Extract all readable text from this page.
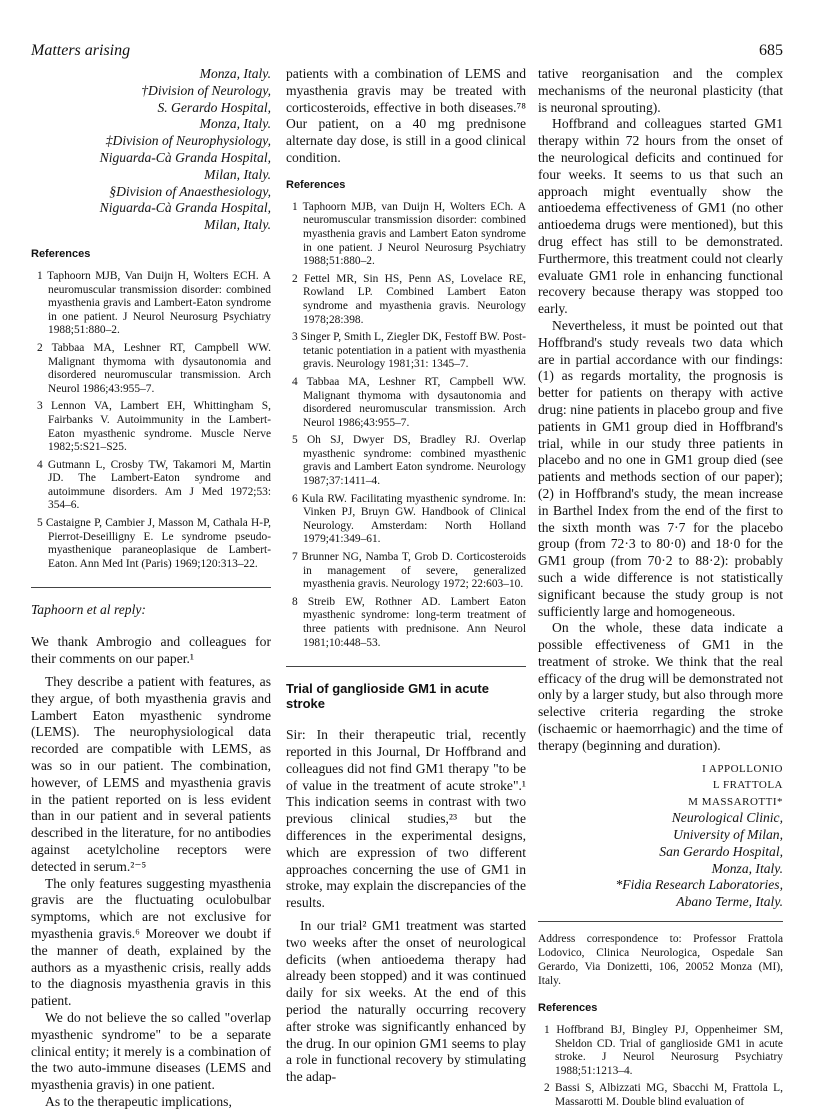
Matters arising	685
Monza, Italy.
†Division of Neurology,
S. Gerardo Hospital,
Monza, Italy.
‡Division of Neurophysiology,
Niguarda-Cà Granda Hospital,
Milan, Italy.
§Division of Anaesthesiology,
Niguarda-Cà Granda Hospital,
Milan, Italy.
References
1 Taphoorn MJB, Van Duijn H, Wolters ECH. A neuromuscular transmission disorder: combined myasthenia gravis and Lambert-Eaton syndrome in one patient. J Neurol Neurosurg Psychiatry 1988;51:880–2.
2 Tabbaa MA, Leshner RT, Campbell WW. Malignant thymoma with dysautonomia and disordered neuromuscular transmission. Arch Neurol 1986;43:955–7.
3 Lennon VA, Lambert EH, Whittingham S, Fairbanks V. Autoimmunity in the Lambert-Eaton myasthenic syndrome. Muscle Nerve 1982;5:S21–S25.
4 Gutmann L, Crosby TW, Takamori M, Martin JD. The Lambert-Eaton syndrome and autoimmune disorders. Am J Med 1972;53: 354–6.
5 Castaigne P, Cambier J, Masson M, Cathala H-P, Pierrot-Deseilligny E. Le syndrome pseudo-myasthenique paraneoplasique de Lambert-Eaton. Ann Med Int (Paris) 1969;120:313–22.
Taphoorn et al reply:

We thank Ambrogio and colleagues for their comments on our paper.¹

They describe a patient with features, as they argue, of both myasthenia gravis and Lambert Eaton myasthenic syndrome (LEMS). The neurophysiological data recorded are compatible with LEMS, as was so in our patient. The combination, however, of LEMS and myasthenia gravis in the patient reported on is less evident than in our patient and in several patients described in the literature, for no antibodies against acetylcholine receptors were detected in serum.²⁻⁵

The only features suggesting myasthenia gravis are the fluctuating oculobulbar symptoms, which are not exclusive for myasthenia gravis.⁶ Moreover we doubt if the manner of death, explained by the authors as a myasthenic crisis, really adds to the diagnosis myasthenia gravis in this patient.

We do not believe the so called "overlap myasthenic syndrome" to be a separate clinical entity; it merely is a combination of the two auto-immune diseases (LEMS and myasthenia gravis) in one patient.

As to the therapeutic implications,

patients with a combination of LEMS and myasthenia gravis may be treated with corticosteroids, effective in both diseases.⁷⁸ Our patient, on a 40 mg prednisone alternate day dose, is still in a good clinical condition.

References
1 Taphoorn MJB, van Duijn H, Wolters ECh. A neuromuscular transmission disorder: combined myasthenia gravis and Lambert Eaton syndrome in one patient. J Neurol Neurosurg Psychiatry 1988;51:880–2.
2 Fettel MR, Sin HS, Penn AS, Lovelace RE, Rowland LP. Combined Lambert Eaton syndrome and myasthenia gravis. Neurology 1978;28:398.
3 Singer P, Smith L, Ziegler DK, Festoff BW. Post-tetanic potentiation in a patient with myasthenia gravis. Neurology 1981;31: 1345–7.
4 Tabbaa MA, Leshner RT, Campbell WW. Malignant thymoma with dysautonomia and disordered neuromuscular transmission. Arch Neurol 1986;43:955–7.
5 Oh SJ, Dwyer DS, Bradley RJ. Overlap myasthenic syndrome: combined myasthenic gravis and Lambert Eaton syndrome. Neurology 1987;37:1411–4.
6 Kula RW. Facilitating myasthenic syndrome. In: Vinken PJ, Bruyn GW. Handbook of Clinical Neurology. Amsterdam: North Holland 1979;41:349–61.
7 Brunner NG, Namba T, Grob D. Corticosteroids in management of severe, generalized myasthenia gravis. Neurology 1972; 22:603–10.
8 Streib EW, Rothner AD. Lambert Eaton myasthenic syndrome: long-term treatment of three patients with prednisone. Ann Neurol 1981;10:448–53.
Trial of ganglioside GM1 in acute stroke

Sir: In their therapeutic trial, recently reported in this Journal, Dr Hoffbrand and colleagues did not find GM1 therapy "to be of value in the treatment of acute stroke".¹ This indication seems in contrast with two previous clinical studies,²³ but the differences in the experimental designs, which are expression of two different approaches concerning the use of GM1 in stroke, may explain the discrepancies of the results.

In our trial² GM1 treatment was started two weeks after the onset of neurological deficits (when antioedema therapy had already been stopped) and it was continued daily for six weeks. At the end of this period the naturally occurring recovery after stroke was significantly enhanced by the drug. In our opinion GM1 seems to play a role in functional recovery by stimulating the adap-

tative reorganisation and the complex mechanisms of the neuronal plasticity (that is neuronal sprouting).

Hoffbrand and colleagues started GM1 therapy within 72 hours from the onset of the neurological deficits and continued for four weeks. It seems to us that such an approach might eventually show the antioedema effectiveness of GM1 (no other antioedema drugs were mentioned), but this drug effect has still to be demonstrated. Furthermore, this treatment could not clearly evaluate GM1 role in enhancing functional recovery because therapy was stopped too early.

Nevertheless, it must be pointed out that Hoffbrand's study reveals two data which are in partial accordance with our findings: (1) as regards mortality, the prognosis is better for patients on therapy with active drug: nine patients in placebo group and five patients in GM1 group died in Hoffbrand's trial, while in our study three patients in placebo and no one in GM1 group died (see patients and methods section of our paper); (2) in Hoffbrand's study, the mean increase in Barthel Index from the end of the first to the sixth month was 7·7 for the placebo group (from 72·3 to 80·0) and 18·0 for the GM1 group (from 70·2 to 88·2): probably such a wide difference is not statistically significant because the study group is not sufficiently large and homogeneous.

On the whole, these data indicate a possible effectiveness of GM1 in the treatment of stroke. We think that the real efficacy of the drug will be demonstrated not only by a larger study, but also through more selective criteria regarding the stroke (ischaemic or haemorrhagic) and the time of therapy (beginning and duration).

I APPOLLONIO
L FRATTOLA
M MASSAROTTI*
Neurological Clinic,
University of Milan,
San Gerardo Hospital,
Monza, Italy.
*Fidia Research Laboratories,
Abano Terme, Italy.

Address correspondence to: Professor Frattola Lodovico, Clinica Neurologica, Ospedale San Gerardo, Via Donizetti, 106, 20052 Monza (MI), Italy.

References
1 Hoffbrand BJ, Bingley PJ, Oppenheimer SM, Sheldon CD. Trial of ganglioside GM1 in acute stroke. J Neurol Neurosurg Psychiatry 1988;51:1213–4.
2 Bassi S, Albizzati MG, Sbacchi M, Frattola L, Massarotti M. Double blind evaluation of
